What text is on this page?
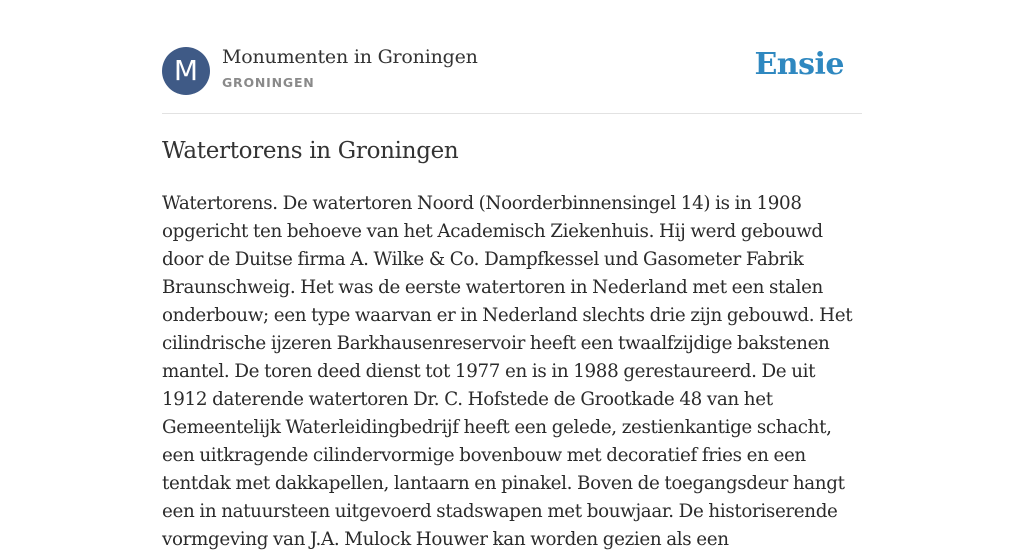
M Monumenten in Groningen
GRONINGEN
Ensie
Watertorens in Groningen

Watertorens. De watertoren Noord (Noorderbinnensingel 14) is in 1908 opgericht ten behoeve van het Academisch Ziekenhuis. Hij werd gebouwd door de Duitse firma A. Wilke & Co. Dampfkessel und Gasometer Fabrik Braunschweig. Het was de eerste watertoren in Nederland met een stalen onderbouw; een type waarvan er in Nederland slechts drie zijn gebouwd. Het cilindrische ijzeren Barkhausenreservoir heeft een twaalfzijdige bakstenen mantel. De toren deed dienst tot 1977 en is in 1988 gerestaureerd. De uit 1912 daterende watertoren Dr. C. Hofstede de Grootkade 48 van het Gemeentelijk Waterleidingbedrijf heeft een gelede, zestienkantige schacht, een uitkragende cilindervormige bovenbouw met decoratief fries en een tentdak met dakkapellen, lantaarn en pinakel. Boven de toegangsdeur hangt een in natuursteen uitgevoerd stadswapen met bouwjaar. De historiserende vormgeving van J.A. Mulock Houwer kan worden gezien als een
